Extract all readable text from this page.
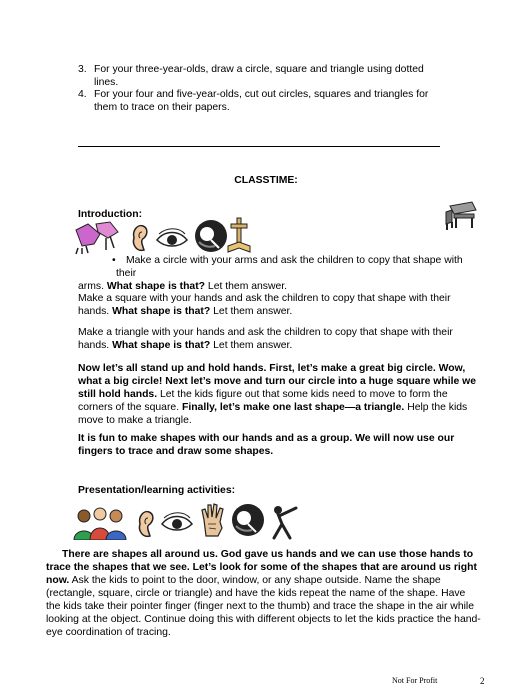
3. For your three-year-olds, draw a circle, square and triangle using dotted
lines.
4. For your four and five-year-olds, cut out circles, squares and triangles for
them to trace on their papers.
CLASSTIME:
Introduction:
• Make a circle with your arms and ask the children to copy that shape with their
arms. What shape is that? Let them answer.
Make a square with your hands and ask the children to copy that shape with their
hands. What shape is that? Let them answer.
Make a triangle with your hands and ask the children to copy that shape with their
hands. What shape is that? Let them answer.
Now let’s all stand up and hold hands. First, let’s make a great big circle. Wow,
what a big circle! Next let’s move and turn our circle into a huge square while we
still hold hands. Let the kids figure out that some kids need to move to form the
corners of the square. Finally, let’s make one last shape—a triangle. Help the kids
move to make a triangle.
It is fun to make shapes with our hands and as a group. We will now use our
fingers to trace and draw some shapes.
Presentation/learning activities:
There are shapes all around us. God gave us hands and we can use those hands to
trace the shapes that we see. Let’s look for some of the shapes that are around us right
now. Ask the kids to point to the door, window, or any shape outside. Name the shape
(rectangle, square, circle or triangle) and have the kids repeat the name of the shape. Have
the kids take their pointer finger (finger next to the thumb) and trace the shape in the air while
looking at the object. Continue doing this with different objects to let the kids practice the hand-
eye coordination of tracing.
Not For Profit	2
